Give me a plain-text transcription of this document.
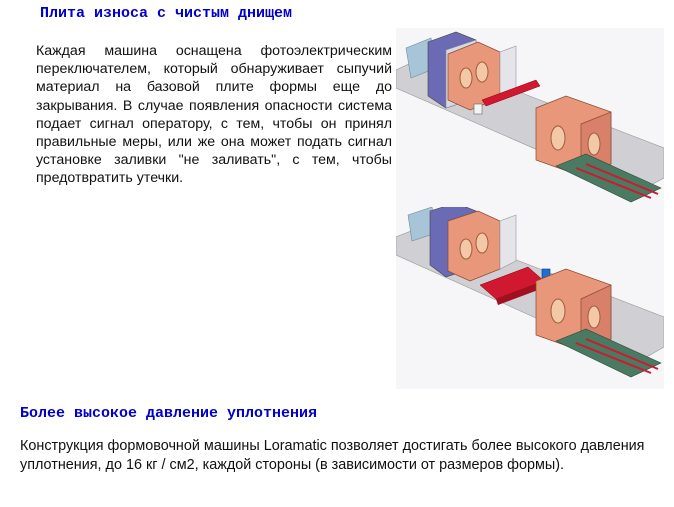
Плита износа с чистым днищем
Каждая машина оснащена фотоэлектрическим переключателем, который обнаруживает сыпучий материал на базовой плите формы еще до закрывания. В случае появления опасности система подает сигнал оператору, с тем, чтобы он принял правильные меры, или же она может подать сигнал установке заливки "не заливать", с тем, чтобы предотвратить утечки.
Более высокое давление уплотнения
Конструкция формовочной машины Loramatic позволяет достигать более высокого давления уплотнения, до 16 кг / см2, каждой стороны (в зависимости от размеров формы).
